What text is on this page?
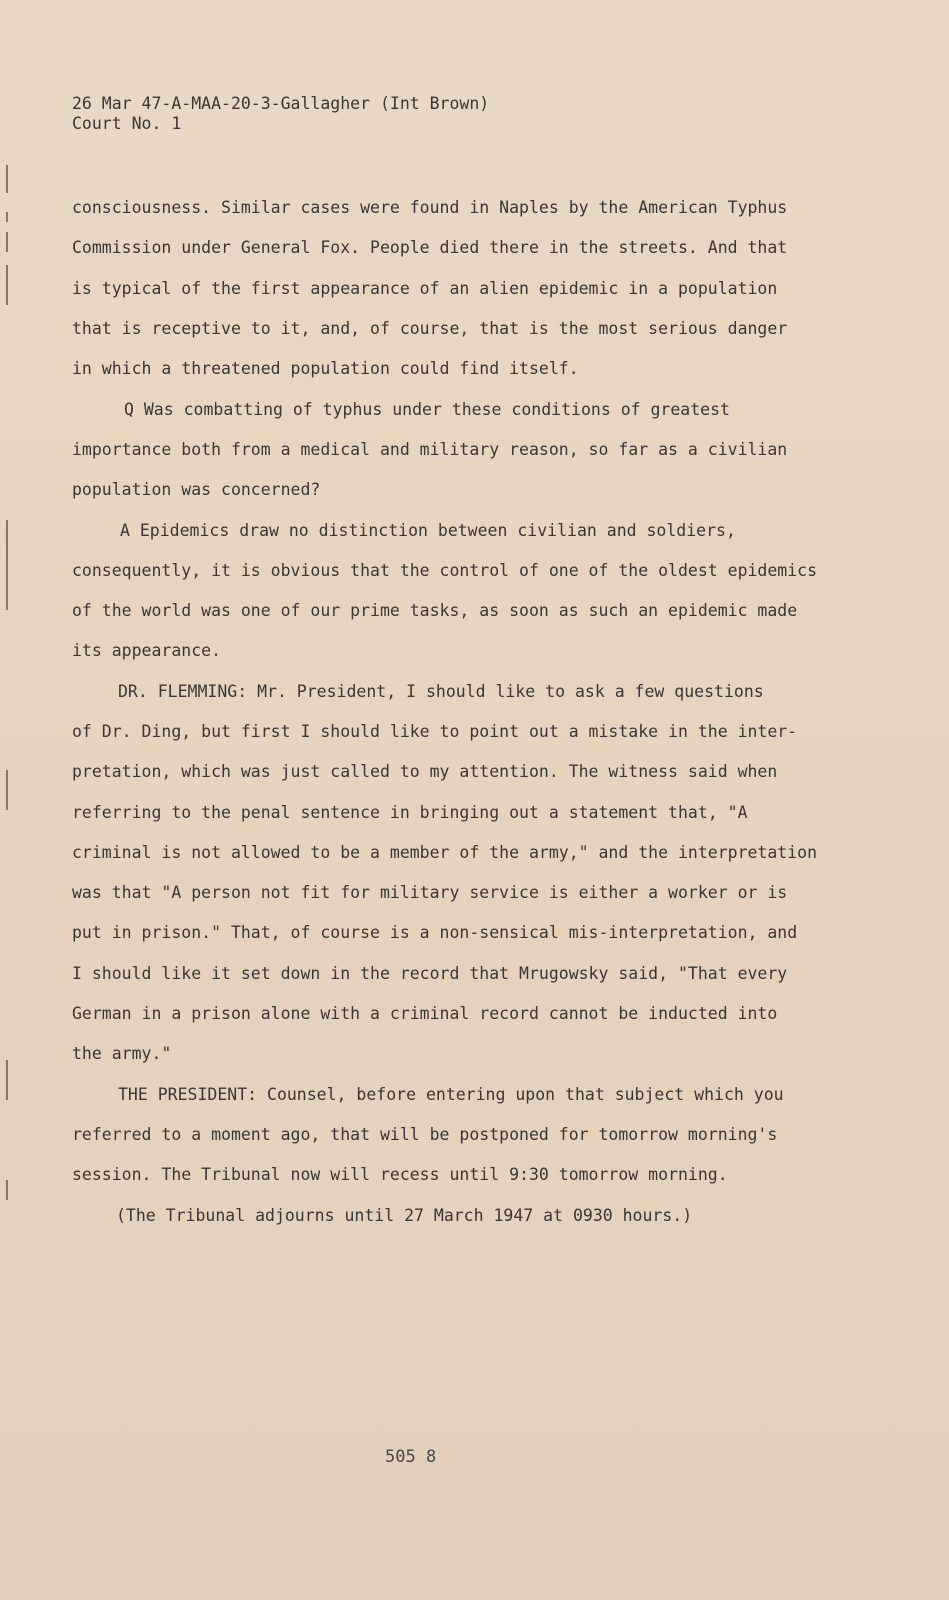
26 Mar 47-A-MAA-20-3-Gallagher (Int Brown)
Court No. 1
consciousness. Similar cases were found in Naples by the American Typhus
Commission under General Fox. People died there in the streets. And that
is typical of the first appearance of an alien epidemic in a population
that is receptive to it, and, of course, that is the most serious danger
in which a threatened population could find itself.
Q Was combatting of typhus under these conditions of greatest
importance both from a medical and military reason, so far as a civilian
population was concerned?
A Epidemics draw no distinction between civilian and soldiers,
consequently, it is obvious that the control of one of the oldest epidemics
of the world was one of our prime tasks, as soon as such an epidemic made
its appearance.
DR. FLEMMING: Mr. President, I should like to ask a few questions
of Dr. Ding, but first I should like to point out a mistake in the inter-
pretation, which was just called to my attention. The witness said when
referring to the penal sentence in bringing out a statement that, "A
criminal is not allowed to be a member of the army," and the interpretation
was that "A person not fit for military service is either a worker or is
put in prison." That, of course is a non-sensical mis-interpretation, and
I should like it set down in the record that Mrugowsky said, "That every
German in a prison alone with a criminal record cannot be inducted into
the army."
THE PRESIDENT: Counsel, before entering upon that subject which you
referred to a moment ago, that will be postponed for tomorrow morning's
session. The Tribunal now will recess until 9:30 tomorrow morning.
(The Tribunal adjourns until 27 March 1947 at 0930 hours.)
505 8
